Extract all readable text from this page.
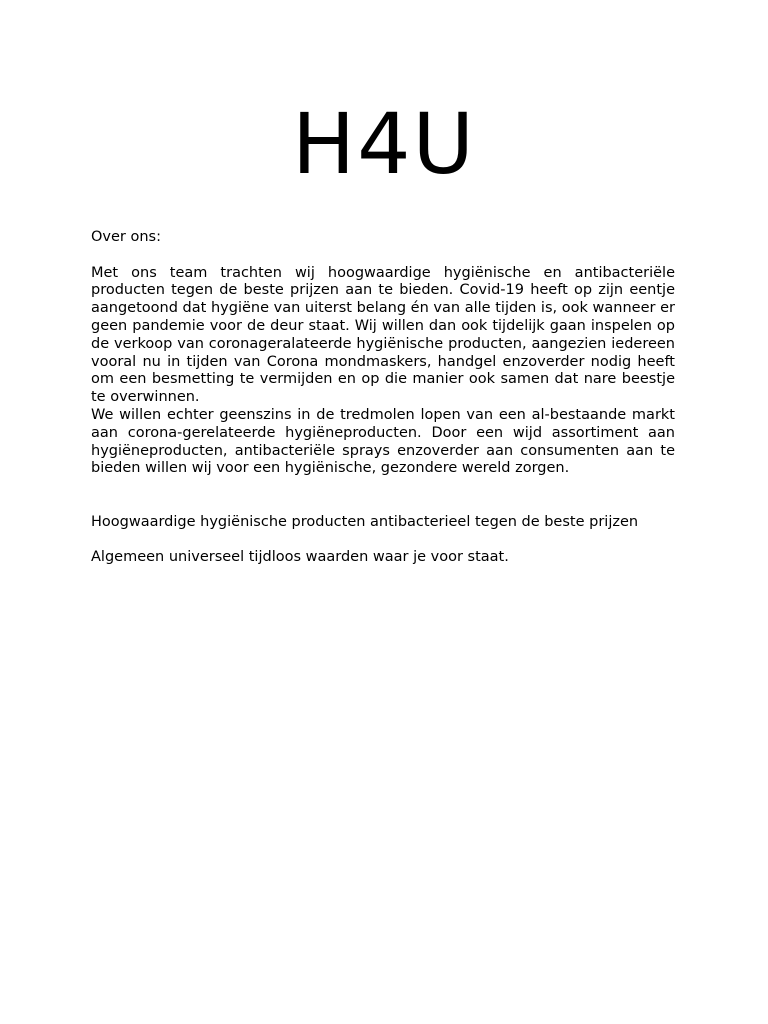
H4U

Over ons:

Met ons team trachten wij hoogwaardige hygiënische en antibacteriële producten tegen de beste prijzen aan te bieden. Covid-19 heeft op zijn eentje aangetoond dat hygiëne van uiterst belang én van alle tijden is, ook wanneer er geen pandemie voor de deur staat. Wij willen dan ook tijdelijk gaan inspelen op de verkoop van coronageralateerde hygiënische producten, aangezien iedereen vooral nu in tijden van Corona mondmaskers, handgel enzoverder nodig heeft om een besmetting te vermijden en op die manier ook samen dat nare beestje te overwinnen.

We willen echter geenszins in de tredmolen lopen van een al-bestaande markt aan corona-gerelateerde hygiëneproducten. Door een wijd assortiment aan hygiëneproducten, antibacteriële sprays enzoverder aan consumenten aan te bieden willen wij voor een hygiënische, gezondere wereld zorgen.

Hoogwaardige hygiënische producten antibacterieel tegen de beste prijzen

Algemeen universeel tijdloos waarden waar je voor staat.
